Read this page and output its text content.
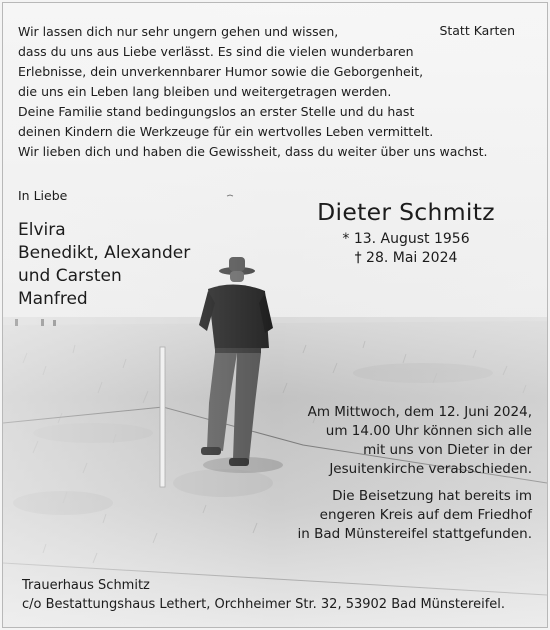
Statt Karten
Wir lassen dich nur sehr ungern gehen und wissen,
dass du uns aus Liebe verlässt. Es sind die vielen wunderbaren
Erlebnisse, dein unverkennbarer Humor sowie die Geborgenheit,
die uns ein Leben lang bleiben und weitergetragen werden.
Deine Familie stand bedingungslos an erster Stelle und du hast
deinen Kindern die Werkzeuge für ein wertvolles Leben vermittelt.
Wir lieben dich und haben die Gewissheit, dass du weiter über uns wachst.
In Liebe
Elvira
Benedikt, Alexander
und Carsten
Manfred
Dieter Schmitz
* 13. August 1956
† 28. Mai 2024
Am Mittwoch, dem 12. Juni 2024,
um 14.00 Uhr können sich alle
mit uns von Dieter in der
Jesuitenkirche verabschieden.
Die Beisetzung hat bereits im
engeren Kreis auf dem Friedhof
in Bad Münstereifel stattgefunden.
Trauerhaus Schmitz
c/o Bestattungshaus Lethert, Orchheimer Str. 32, 53902 Bad Münstereifel.
